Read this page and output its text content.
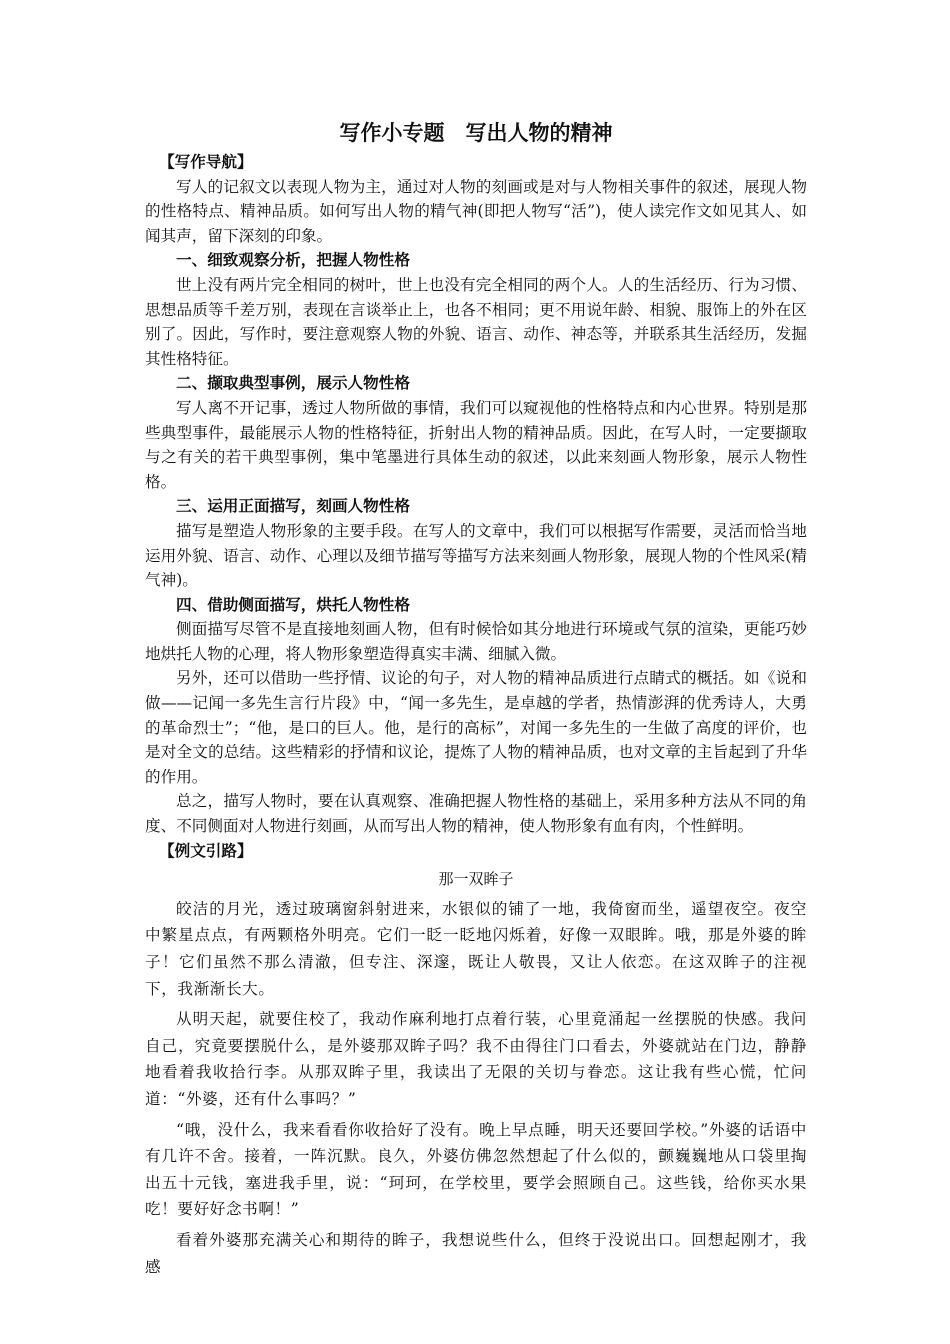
写作小专题　写出人物的精神
【写作导航】

写人的记叙文以表现人物为主，通过对人物的刻画或是对与人物相关事件的叙述，展现人物的性格特点、精神品质。如何写出人物的精气神(即把人物写“活”)，使人读完作文如见其人、如闻其声，留下深刻的印象。

一、细致观察分析，把握人物性格

世上没有两片完全相同的树叶，世上也没有完全相同的两个人。人的生活经历、行为习惯、思想品质等千差万别，表现在言谈举止上，也各不相同；更不用说年龄、相貌、服饰上的外在区别了。因此，写作时，要注意观察人物的外貌、语言、动作、神态等，并联系其生活经历，发掘其性格特征。

二、撷取典型事例，展示人物性格

写人离不开记事，透过人物所做的事情，我们可以窥视他的性格特点和内心世界。特别是那些典型事件，最能展示人物的性格特征，折射出人物的精神品质。因此，在写人时，一定要撷取与之有关的若干典型事例，集中笔墨进行具体生动的叙述，以此来刻画人物形象，展示人物性格。

三、运用正面描写，刻画人物性格

描写是塑造人物形象的主要手段。在写人的文章中，我们可以根据写作需要，灵活而恰当地运用外貌、语言、动作、心理以及细节描写等描写方法来刻画人物形象，展现人物的个性风采(精气神)。

四、借助侧面描写，烘托人物性格

侧面描写尽管不是直接地刻画人物，但有时候恰如其分地进行环境或气氛的渲染，更能巧妙地烘托人物的心理，将人物形象塑造得真实丰满、细腻入微。

另外，还可以借助一些抒情、议论的句子，对人物的精神品质进行点睛式的概括。如《说和做——记闻一多先生言行片段》中，“闻一多先生，是卓越的学者，热情澎湃的优秀诗人，大勇的革命烈士”；“他，是口的巨人。他，是行的高标”，对闻一多先生的一生做了高度的评价，也是对全文的总结。这些精彩的抒情和议论，提炼了人物的精神品质，也对文章的主旨起到了升华的作用。

总之，描写人物时，要在认真观察、准确把握人物性格的基础上，采用多种方法从不同的角度、不同侧面对人物进行刻画，从而写出人物的精神，使人物形象有血有肉，个性鲜明。

【例文引路】
那一双眸子

皎洁的月光，透过玻璃窗斜射进来，水银似的铺了一地，我倚窗而坐，遥望夜空。夜空中繁星点点，有两颗格外明亮。它们一眨一眨地闪烁着，好像一双眼眸。哦，那是外婆的眸子！它们虽然不那么清澈，但专注、深邃，既让人敬畏，又让人依恋。在这双眸子的注视下，我渐渐长大。

从明天起，就要住校了，我动作麻利地打点着行装，心里竟涌起一丝摆脱的快感。我问自己，究竟要摆脱什么，是外婆那双眸子吗？我不由得往门口看去，外婆就站在门边，静静地看着我收拾行李。从那双眸子里，我读出了无限的关切与眷恋。这让我有些心慌，忙问道：“外婆，还有什么事吗？”

“哦，没什么，我来看看你收拾好了没有。晚上早点睡，明天还要回学校。”外婆的话语中有几许不舍。接着，一阵沉默。良久，外婆仿佛忽然想起了什么似的，颤巍巍地从口袋里掏出五十元钱，塞进我手里，说：“珂珂，在学校里，要学会照顾自己。这些钱，给你买水果吃！要好好念书啊！”

看着外婆那充满关心和期待的眸子，我想说些什么，但终于没说出口。回想起刚才，我感
